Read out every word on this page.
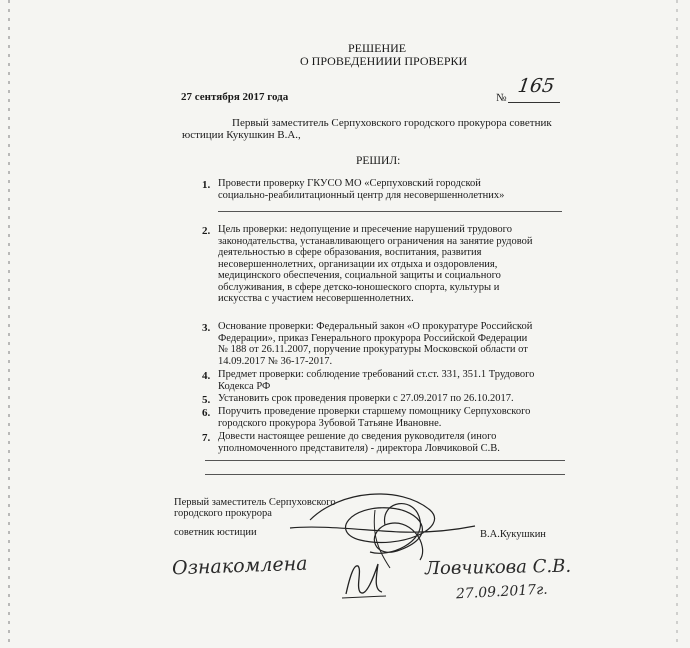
РЕШЕНИЕ
О ПРОВЕДЕНИИИ ПРОВЕРКИ
27 сентября 2017 года	№
165
Первый заместитель Серпуховского городского прокурора советник
юстиции Кукушкин В.А.,
РЕШИЛ:
1. Провести проверку ГКУСО МО «Серпуховский городской
социально-реабилитационный центр для несовершеннолетних»
2. Цель проверки: недопущение и пресечение нарушений трудового
законодательства, устанавливающего ограничения на занятие рудовой
деятельностью в сфере образования, воспитания, развития
несовершеннолетних, организации их отдыха и оздоровления,
медицинского обеспечения, социальной защиты и социального
обслуживания, в сфере детско-юношеского спорта, культуры и
искусства с участием несовершеннолетних.
3. Основание проверки: Федеральный закон «О прокуратуре Российской
Федерации», приказ Генерального прокурора Российской Федерации
№ 188 от 26.11.2007, поручение прокуратуры Московской области от
14.09.2017 № 36-17-2017.
4. Предмет проверки: соблюдение требований ст.ст. 331, 351.1 Трудового
Кодекса РФ
5. Установить срок проведения проверки с 27.09.2017 по 26.10.2017.
6. Поручить проведение проверки старшему помощнику Серпуховского
городского прокурора Зубовой Татьяне Ивановне.
7. Довести настоящее решение до сведения руководителя (иного
уполномоченного представителя) - директора Ловчиковой С.В.
Первый заместитель Серпуховского
городского прокурора
советник юстиции	В.А.Кукушкин
Ознакомлена	Ловчикова С.В.
27.09.2017г.
